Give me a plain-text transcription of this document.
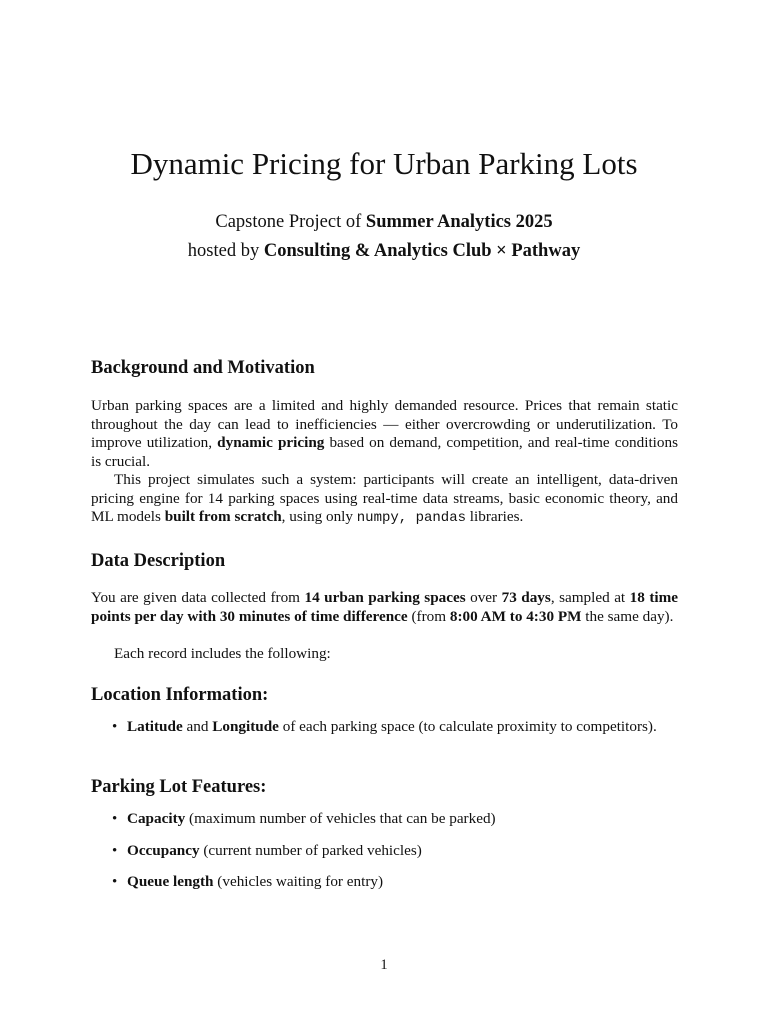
Dynamic Pricing for Urban Parking Lots
Capstone Project of Summer Analytics 2025
hosted by Consulting & Analytics Club × Pathway
Background and Motivation

Urban parking spaces are a limited and highly demanded resource. Prices that remain static throughout the day can lead to inefficiencies — either overcrowding or underutilization. To improve utilization, dynamic pricing based on demand, competition, and real-time conditions is crucial.

This project simulates such a system: participants will create an intelligent, data-driven pricing engine for 14 parking spaces using real-time data streams, basic economic theory, and ML models built from scratch, using only numpy, pandas libraries.

Data Description

You are given data collected from 14 urban parking spaces over 73 days, sampled at 18 time points per day with 30 minutes of time difference (from 8:00 AM to 4:30 PM the same day).

Each record includes the following:

Location Information:
• Latitude and Longitude of each parking space (to calculate proximity to competitors).
Parking Lot Features:
• Capacity (maximum number of vehicles that can be parked)
• Occupancy (current number of parked vehicles)
• Queue length (vehicles waiting for entry)
1
